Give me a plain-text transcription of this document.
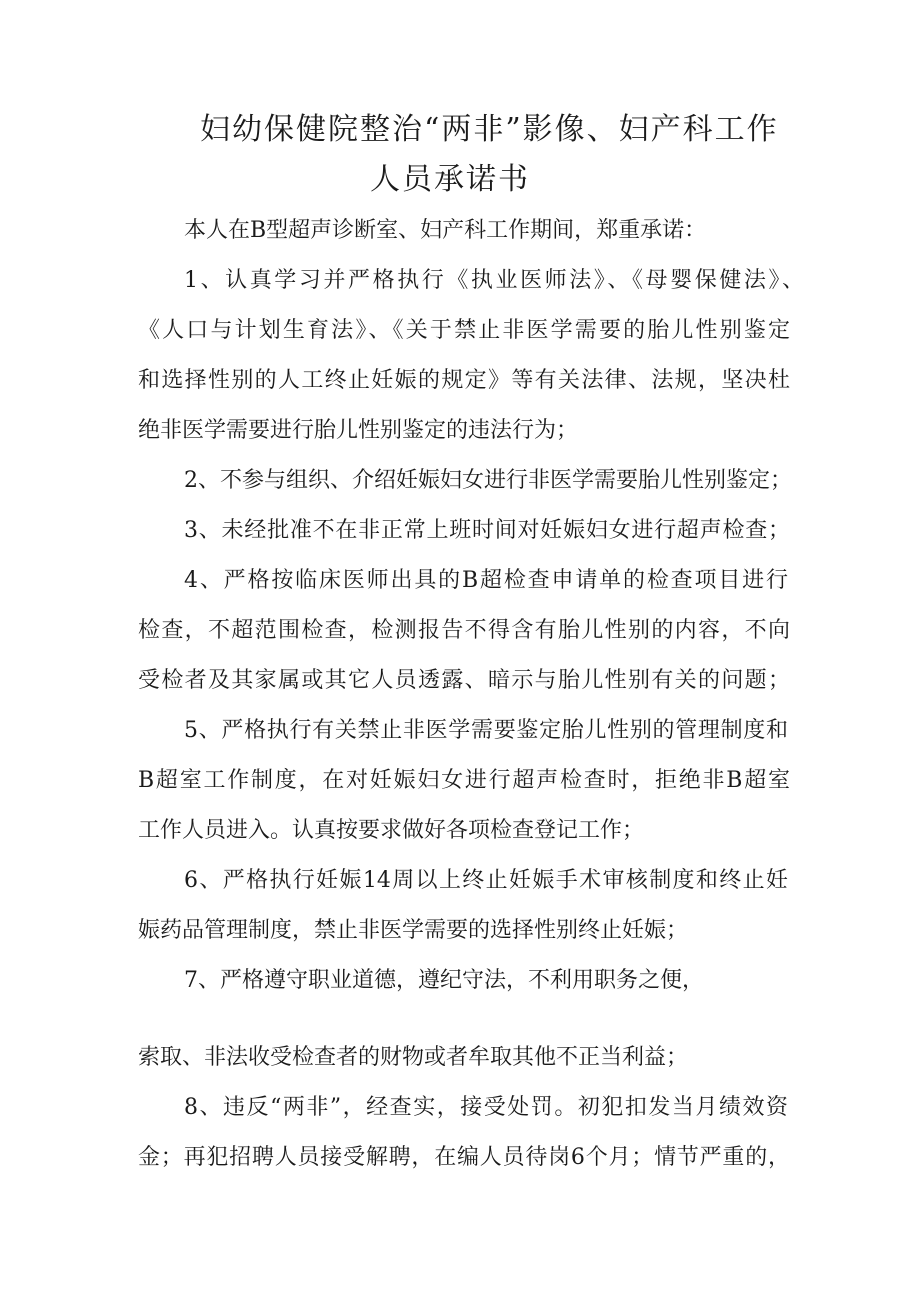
妇幼保健院整治“两非”影像、妇产科工作
人员承诺书

本人在B型超声诊断室、妇产科工作期间，郑重承诺：

1、认真学习并严格执行《执业医师法》、《母婴保健法》、

《人口与计划生育法》、《关于禁止非医学需要的胎儿性别鉴定

和选择性别的人工终止妊娠的规定》等有关法律、法规，坚决杜

绝非医学需要进行胎儿性别鉴定的违法行为；

2、不参与组织、介绍妊娠妇女进行非医学需要胎儿性别鉴定；

3、未经批准不在非正常上班时间对妊娠妇女进行超声检查；

4、严格按临床医师出具的B超检查申请单的检查项目进行

检查，不超范围检查，检测报告不得含有胎儿性别的内容，不向

受检者及其家属或其它人员透露、暗示与胎儿性别有关的问题；

5、严格执行有关禁止非医学需要鉴定胎儿性别的管理制度和

B超室工作制度，在对妊娠妇女进行超声检查时，拒绝非B超室

工作人员进入。认真按要求做好各项检查登记工作；

6、严格执行妊娠14周以上终止妊娠手术审核制度和终止妊

娠药品管理制度，禁止非医学需要的选择性别终止妊娠；

7、严格遵守职业道德，遵纪守法，不利用职务之便，

索取、非法收受检查者的财物或者牟取其他不正当利益；

8、违反“两非”，经查实，接受处罚。初犯扣发当月绩效资

金；再犯招聘人员接受解聘，在编人员待岗6个月；情节严重的，
